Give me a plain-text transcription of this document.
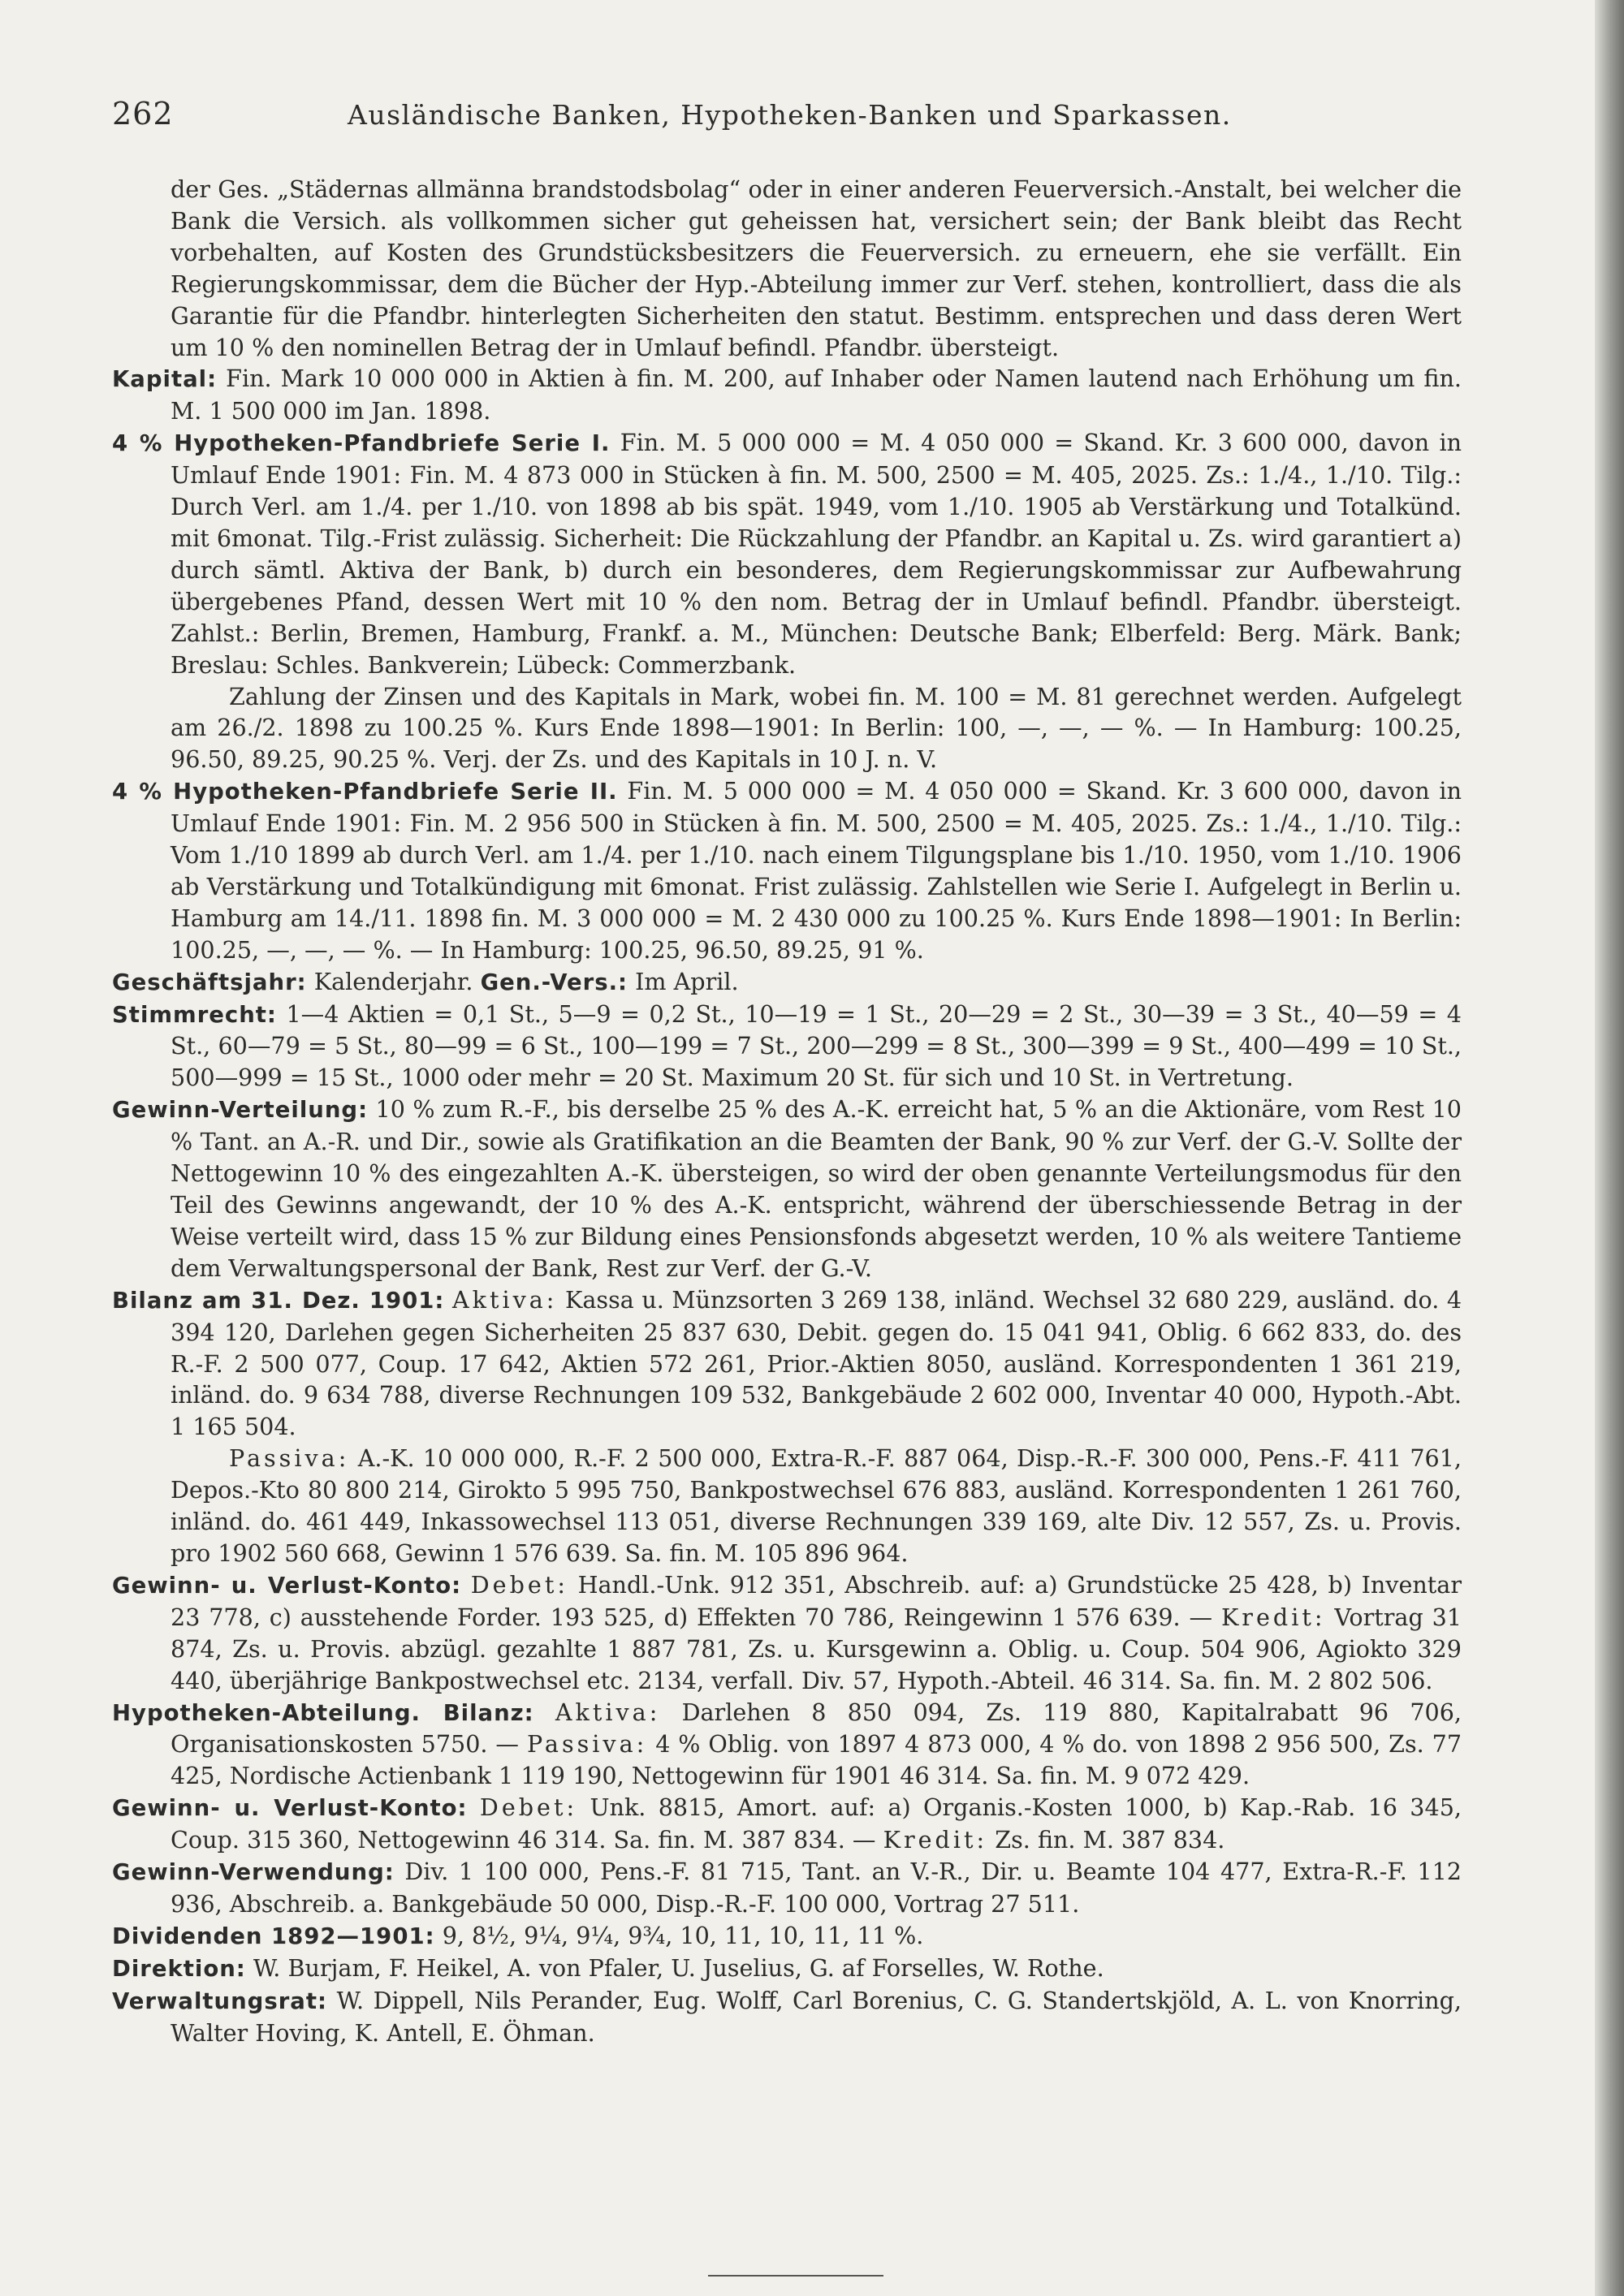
262	Ausländische Banken, Hypotheken-Banken und Sparkassen.
der Ges. „Städernas allmänna brandstodsbolag“ oder in einer anderen Feuerversich.-Anstalt, bei welcher die Bank die Versich. als vollkommen sicher gut geheissen hat, versichert sein; der Bank bleibt das Recht vorbehalten, auf Kosten des Grundstücksbesitzers die Feuerversich. zu erneuern, ehe sie verfällt. Ein Regierungskommissar, dem die Bücher der Hyp.-Abteilung immer zur Verf. stehen, kontrolliert, dass die als Garantie für die Pfandbr. hinterlegten Sicherheiten den statut. Bestimm. entsprechen und dass deren Wert um 10 % den nominellen Betrag der in Umlauf befindl. Pfandbr. übersteigt.
Kapital: Fin. Mark 10 000 000 in Aktien à fin. M. 200, auf Inhaber oder Namen lautend nach Erhöhung um fin. M. 1 500 000 im Jan. 1898.
4 % Hypotheken-Pfandbriefe Serie I. Fin. M. 5 000 000 = M. 4 050 000 = Skand. Kr. 3 600 000, davon in Umlauf Ende 1901: Fin. M. 4 873 000 in Stücken à fin. M. 500, 2500 = M. 405, 2025. Zs.: 1./4., 1./10. Tilg.: Durch Verl. am 1./4. per 1./10. von 1898 ab bis spät. 1949, vom 1./10. 1905 ab Verstärkung und Totalkünd. mit 6monat. Tilg.-Frist zulässig. Sicherheit: Die Rückzahlung der Pfandbr. an Kapital u. Zs. wird garantiert a) durch sämtl. Aktiva der Bank, b) durch ein besonderes, dem Regierungskommissar zur Aufbewahrung übergebenes Pfand, dessen Wert mit 10 % den nom. Betrag der in Umlauf befindl. Pfandbr. übersteigt. Zahlst.: Berlin, Bremen, Hamburg, Frankf. a. M., München: Deutsche Bank; Elberfeld: Berg. Märk. Bank; Breslau: Schles. Bankverein; Lübeck: Commerzbank.
Zahlung der Zinsen und des Kapitals in Mark, wobei fin. M. 100 = M. 81 gerechnet werden. Aufgelegt am 26./2. 1898 zu 100.25 %. Kurs Ende 1898—1901: In Berlin: 100, —, —, — %. — In Hamburg: 100.25, 96.50, 89.25, 90.25 %. Verj. der Zs. und des Kapitals in 10 J. n. V.
4 % Hypotheken-Pfandbriefe Serie II. Fin. M. 5 000 000 = M. 4 050 000 = Skand. Kr. 3 600 000, davon in Umlauf Ende 1901: Fin. M. 2 956 500 in Stücken à fin. M. 500, 2500 = M. 405, 2025. Zs.: 1./4., 1./10. Tilg.: Vom 1./10 1899 ab durch Verl. am 1./4. per 1./10. nach einem Tilgungsplane bis 1./10. 1950, vom 1./10. 1906 ab Verstärkung und Totalkündigung mit 6monat. Frist zulässig. Zahlstellen wie Serie I. Aufgelegt in Berlin u. Hamburg am 14./11. 1898 fin. M. 3 000 000 = M. 2 430 000 zu 100.25 %. Kurs Ende 1898—1901: In Berlin: 100.25, —, —, — %. — In Hamburg: 100.25, 96.50, 89.25, 91 %.
Geschäftsjahr: Kalenderjahr. Gen.-Vers.: Im April.
Stimmrecht: 1—4 Aktien = 0,1 St., 5—9 = 0,2 St., 10—19 = 1 St., 20—29 = 2 St., 30—39 = 3 St., 40—59 = 4 St., 60—79 = 5 St., 80—99 = 6 St., 100—199 = 7 St., 200—299 = 8 St., 300—399 = 9 St., 400—499 = 10 St., 500—999 = 15 St., 1000 oder mehr = 20 St. Maximum 20 St. für sich und 10 St. in Vertretung.
Gewinn-Verteilung: 10 % zum R.-F., bis derselbe 25 % des A.-K. erreicht hat, 5 % an die Aktionäre, vom Rest 10 % Tant. an A.-R. und Dir., sowie als Gratifikation an die Beamten der Bank, 90 % zur Verf. der G.-V. Sollte der Nettogewinn 10 % des eingezahlten A.-K. übersteigen, so wird der oben genannte Verteilungsmodus für den Teil des Gewinns angewandt, der 10 % des A.-K. entspricht, während der überschiessende Betrag in der Weise verteilt wird, dass 15 % zur Bildung eines Pensionsfonds abgesetzt werden, 10 % als weitere Tantieme dem Verwaltungspersonal der Bank, Rest zur Verf. der G.-V.
Bilanz am 31. Dez. 1901: Aktiva: Kassa u. Münzsorten 3 269 138, inländ. Wechsel 32 680 229, ausländ. do. 4 394 120, Darlehen gegen Sicherheiten 25 837 630, Debit. gegen do. 15 041 941, Oblig. 6 662 833, do. des R.-F. 2 500 077, Coup. 17 642, Aktien 572 261, Prior.-Aktien 8050, ausländ. Korrespondenten 1 361 219, inländ. do. 9 634 788, diverse Rechnungen 109 532, Bankgebäude 2 602 000, Inventar 40 000, Hypoth.-Abt. 1 165 504.
Passiva: A.-K. 10 000 000, R.-F. 2 500 000, Extra-R.-F. 887 064, Disp.-R.-F. 300 000, Pens.-F. 411 761, Depos.-Kto 80 800 214, Girokto 5 995 750, Bankpostwechsel 676 883, ausländ. Korrespondenten 1 261 760, inländ. do. 461 449, Inkassowechsel 113 051, diverse Rechnungen 339 169, alte Div. 12 557, Zs. u. Provis. pro 1902 560 668, Gewinn 1 576 639. Sa. fin. M. 105 896 964.
Gewinn- u. Verlust-Konto: Debet: Handl.-Unk. 912 351, Abschreib. auf: a) Grundstücke 25 428, b) Inventar 23 778, c) ausstehende Forder. 193 525, d) Effekten 70 786, Reingewinn 1 576 639. — Kredit: Vortrag 31 874, Zs. u. Provis. abzügl. gezahlte 1 887 781, Zs. u. Kursgewinn a. Oblig. u. Coup. 504 906, Agiokto 329 440, überjährige Bankpostwechsel etc. 2134, verfall. Div. 57, Hypoth.-Abteil. 46 314. Sa. fin. M. 2 802 506.
Hypotheken-Abteilung. Bilanz: Aktiva: Darlehen 8 850 094, Zs. 119 880, Kapitalrabatt 96 706, Organisationskosten 5750. — Passiva: 4 % Oblig. von 1897 4 873 000, 4 % do. von 1898 2 956 500, Zs. 77 425, Nordische Actienbank 1 119 190, Nettogewinn für 1901 46 314. Sa. fin. M. 9 072 429.
Gewinn- u. Verlust-Konto: Debet: Unk. 8815, Amort. auf: a) Organis.-Kosten 1000, b) Kap.-Rab. 16 345, Coup. 315 360, Nettogewinn 46 314. Sa. fin. M. 387 834. — Kredit: Zs. fin. M. 387 834.
Gewinn-Verwendung: Div. 1 100 000, Pens.-F. 81 715, Tant. an V.-R., Dir. u. Beamte 104 477, Extra-R.-F. 112 936, Abschreib. a. Bankgebäude 50 000, Disp.-R.-F. 100 000, Vortrag 27 511.
Dividenden 1892—1901: 9, 8½, 9¼, 9¼, 9¾, 10, 11, 10, 11, 11 %.
Direktion: W. Burjam, F. Heikel, A. von Pfaler, U. Juselius, G. af Forselles, W. Rothe.
Verwaltungsrat: W. Dippell, Nils Perander, Eug. Wolff, Carl Borenius, C. G. Standertskjöld, A. L. von Knorring, Walter Hoving, K. Antell, E. Öhman.
